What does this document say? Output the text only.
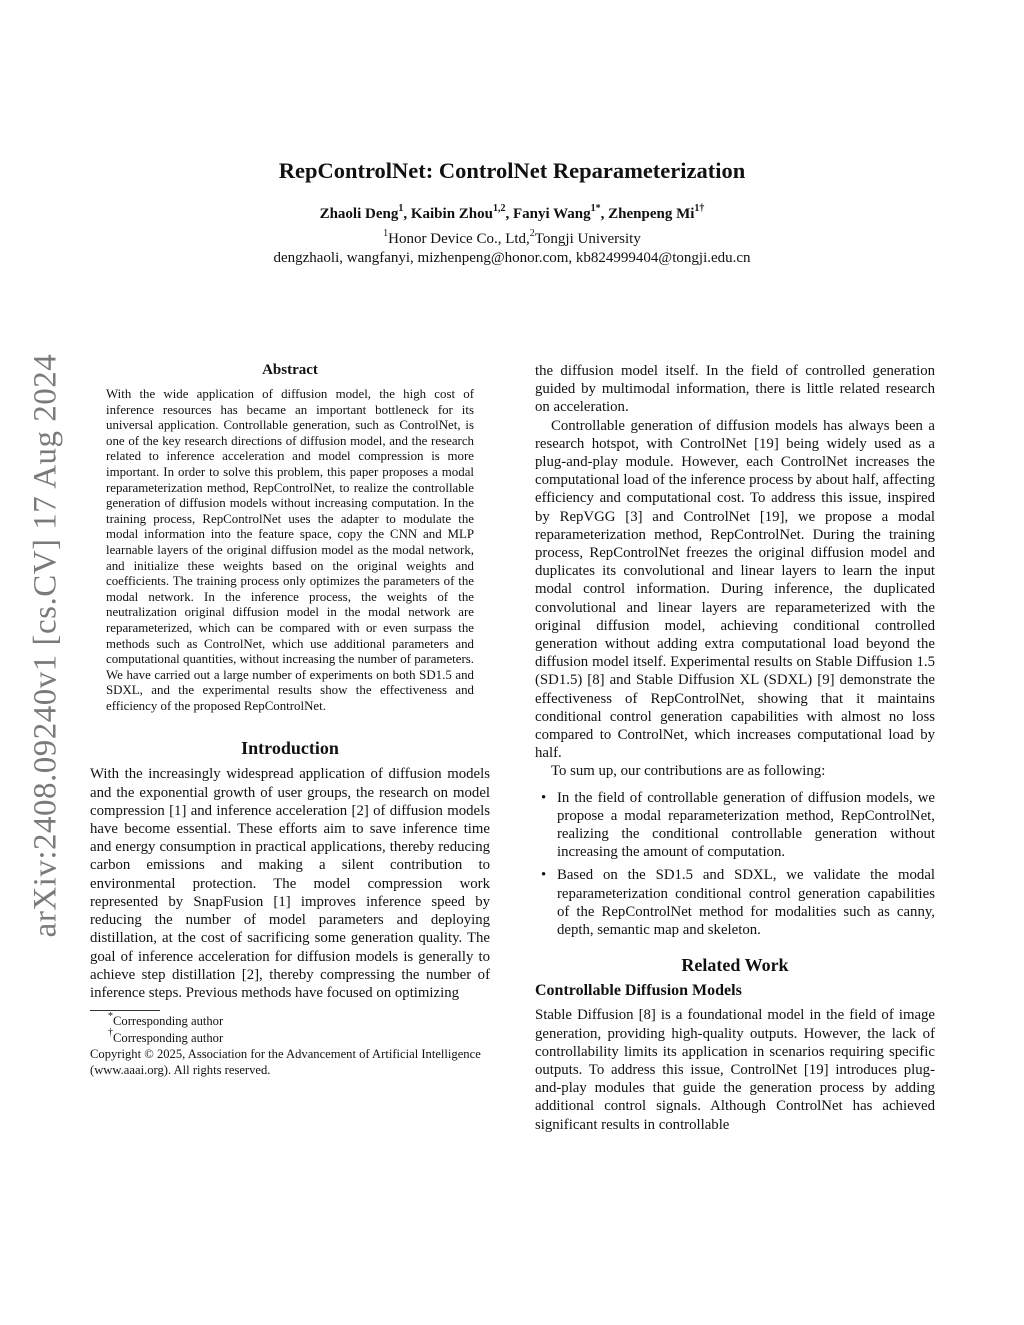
arXiv:2408.09240v1 [cs.CV] 17 Aug 2024
RepControlNet: ControlNet Reparameterization
Zhaoli Deng$^1$, Kaibin Zhou$^{1,2}$, Fanyi Wang$^{1*}$, Zhenpeng $Mi^{1\dagger}$
$^1$Honor Device Co., Ltd,$^2$Tongji University
dengzhaoli, wangfanyi, mizhenpeng@honor.com, kb824999404@tongji.edu.cn
Abstract

With the wide application of diffusion model, the high cost of inference resources has became an important bottleneck for its universal application. Controllable generation, such as ControlNet, is one of the key research directions of diffusion model, and the research related to inference acceleration and model compression is more important. In order to solve this problem, this paper proposes a modal reparameterization method, RepControlNet, to realize the controllable generation of diffusion models without increasing computation. In the training process, RepControlNet uses the adapter to modulate the modal information into the feature space, copy the CNN and MLP learnable layers of the original diffusion model as the modal network, and initialize these weights based on the original weights and coefficients. The training process only optimizes the parameters of the modal network. In the inference process, the weights of the neutralization original diffusion model in the modal network are reparameterized, which can be compared with or even surpass the methods such as ControlNet, which use additional parameters and computational quantities, without increasing the number of parameters. We have carried out a large number of experiments on both SD1.5 and SDXL, and the experimental results show the effectiveness and efficiency of the proposed RepControlNet.

Introduction

With the increasingly widespread application of diffusion models and the exponential growth of user groups, the research on model compression [1] and inference acceleration [2] of diffusion models have become essential. These efforts aim to save inference time and energy consumption in practical applications, thereby reducing carbon emissions and making a silent contribution to environmental protection. The model compression work represented by SnapFusion [1] improves inference speed by reducing the number of model parameters and deploying distillation, at the cost of sacrificing some generation quality. The goal of inference acceleration for diffusion models is generally to achieve step distillation [2], thereby compressing the number of inference steps. Previous methods have focused on optimizing

*Corresponding author
†Corresponding author
Copyright © 2025, Association for the Advancement of Artificial Intelligence (www.aaai.org). All rights reserved.

the diffusion model itself. In the field of controlled generation guided by multimodal information, there is little related research on acceleration.

Controllable generation of diffusion models has always been a research hotspot, with ControlNet [19] being widely used as a plug-and-play module. However, each ControlNet increases the computational load of the inference process by about half, affecting efficiency and computational cost. To address this issue, inspired by RepVGG [3] and ControlNet [19], we propose a modal reparameterization method, RepControlNet. During the training process, RepControlNet freezes the original diffusion model and duplicates its convolutional and linear layers to learn the input modal control information. During inference, the duplicated convolutional and linear layers are reparameterized with the original diffusion model, achieving conditional controlled generation without adding extra computational load beyond the diffusion model itself. Experimental results on Stable Diffusion 1.5 (SD1.5) [8] and Stable Diffusion XL (SDXL) [9] demonstrate the effectiveness of RepControlNet, showing that it maintains conditional control generation capabilities with almost no loss compared to ControlNet, which increases computational load by half.

To sum up, our contributions are as following:

• In the field of controllable generation of diffusion models, we propose a modal reparameterization method, RepControlNet, realizing the conditional controllable generation without increasing the amount of computation.
• Based on the SD1.5 and SDXL, we validate the modal reparameterization conditional control generation capabilities of the RepControlNet method for modalities such as canny, depth, semantic map and skeleton.
Related Work
Controllable Diffusion Models

Stable Diffusion [8] is a foundational model in the field of image generation, providing high-quality outputs. However, the lack of controllability limits its application in scenarios requiring specific outputs. To address this issue, ControlNet [19] introduces plug-and-play modules that guide the generation process by adding additional control signals. Although ControlNet has achieved significant results in controllable
